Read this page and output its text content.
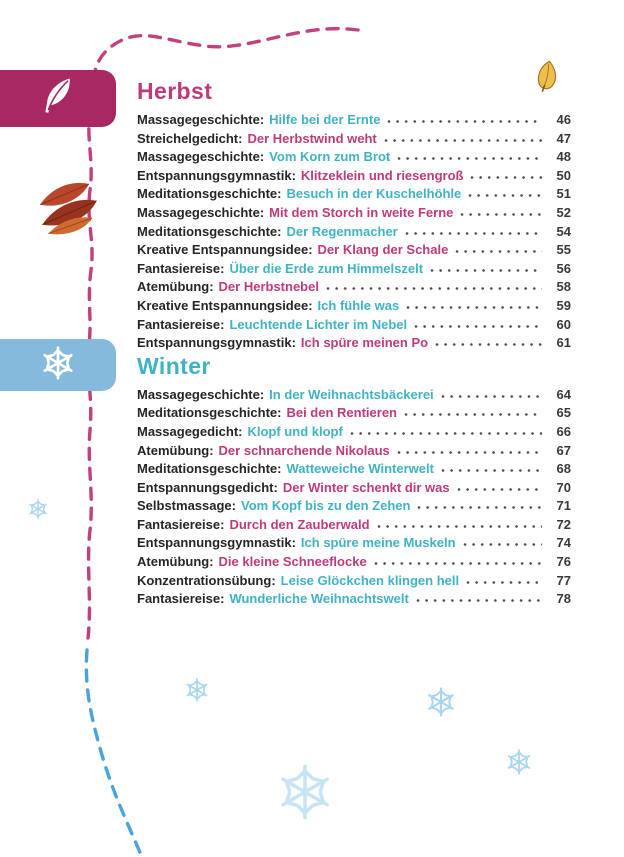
Herbst
Massagegeschichte: Hilfe bei der Ernte	46
Streichelgedicht: Der Herbstwind weht	47
Massagegeschichte: Vom Korn zum Brot	48
Entspannungsgymnastik: Klitzeklein und riesengroß	50
Meditationsgeschichte: Besuch in der Kuschelhöhle	51
Massagegeschichte: Mit dem Storch in weite Ferne	52
Meditationsgeschichte: Der Regenmacher	54
Kreative Entspannungsidee: Der Klang der Schale	55
Fantasiereise: Über die Erde zum Himmelszelt	56
Atemübung: Der Herbstnebel	58
Kreative Entspannungsidee: Ich fühle was	59
Fantasiereise: Leuchtende Lichter im Nebel	60
Entspannungsgymnastik: Ich spüre meinen Po	61
Winter
Massagegeschichte: In der Weihnachtsbäckerei	64
Meditationsgeschichte: Bei den Rentieren	65
Massagegedicht: Klopf und klopf	66
Atemübung: Der schnarchende Nikolaus	67
Meditationsgeschichte: Watteweiche Winterwelt	68
Entspannungsgedicht: Der Winter schenkt dir was	70
Selbstmassage: Vom Kopf bis zu den Zehen	71
Fantasiereise: Durch den Zauberwald	72
Entspannungsgymnastik: Ich spüre meine Muskeln	74
Atemübung: Die kleine Schneeflocke	76
Konzentrationsübung: Leise Glöckchen klingen hell	77
Fantasiereise: Wunderliche Weihnachtswelt	78
